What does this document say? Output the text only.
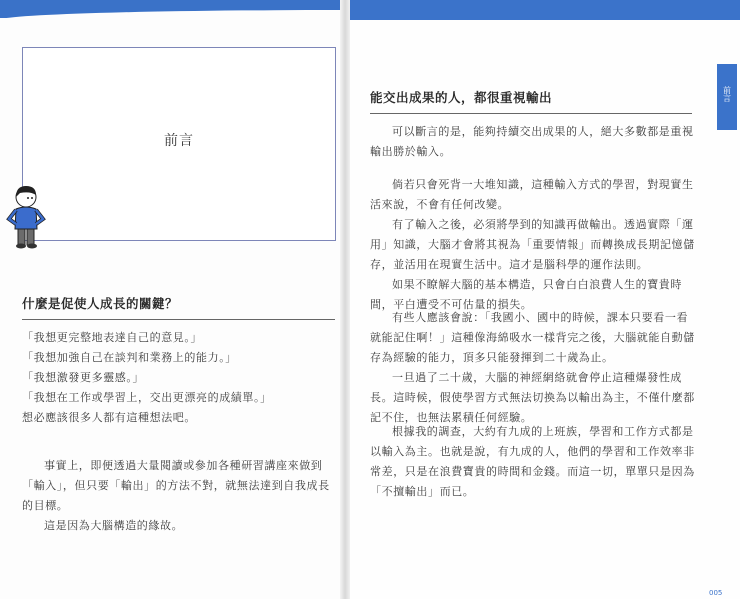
前言
什麼是促使人成長的關鍵？

「我想更完整地表達自己的意見。」

「我想加強自己在談判和業務上的能力。」

「我想激發更多靈感。」

「我想在工作或學習上，交出更漂亮的成績單。」

想必應該很多人都有這種想法吧。

事實上，即便透過大量閱讀或參加各種研習講座來做到「輸入」，但只要「輸出」的方法不對，就無法達到自我成長的目標。

這是因為大腦構造的緣故。

能交出成果的人，都很重視輸出	前言

可以斷言的是，能夠持續交出成果的人，絕大多數都是重視輸出勝於輸入。

倘若只會死背一大堆知識，這種輸入方式的學習，對現實生活來說，不會有任何改變。

有了輸入之後，必須將學到的知識再做輸出。透過實際「運用」知識，大腦才會將其視為「重要情報」而轉換成長期記憶儲存，並活用在現實生活中。這才是腦科學的運作法則。

如果不瞭解大腦的基本構造，只會白白浪費人生的寶貴時間，平白遭受不可估量的損失。

有些人應該會說：「我國小、國中的時候，課本只要看一看就能記住啊！」這種像海綿吸水一樣背完之後，大腦就能自動儲存為經驗的能力，頂多只能發揮到二十歲為止。

一旦過了二十歲，大腦的神經網絡就會停止這種爆發性成長。這時候，假使學習方式無法切換為以輸出為主，不僅什麼都記不住，也無法累積任何經驗。

根據我的調查，大約有九成的上班族，學習和工作方式都是以輸入為主。也就是說，有九成的人，他們的學習和工作效率非常差，只是在浪費寶貴的時間和金錢。而這一切，單單只是因為「不擅輸出」而已。

005
